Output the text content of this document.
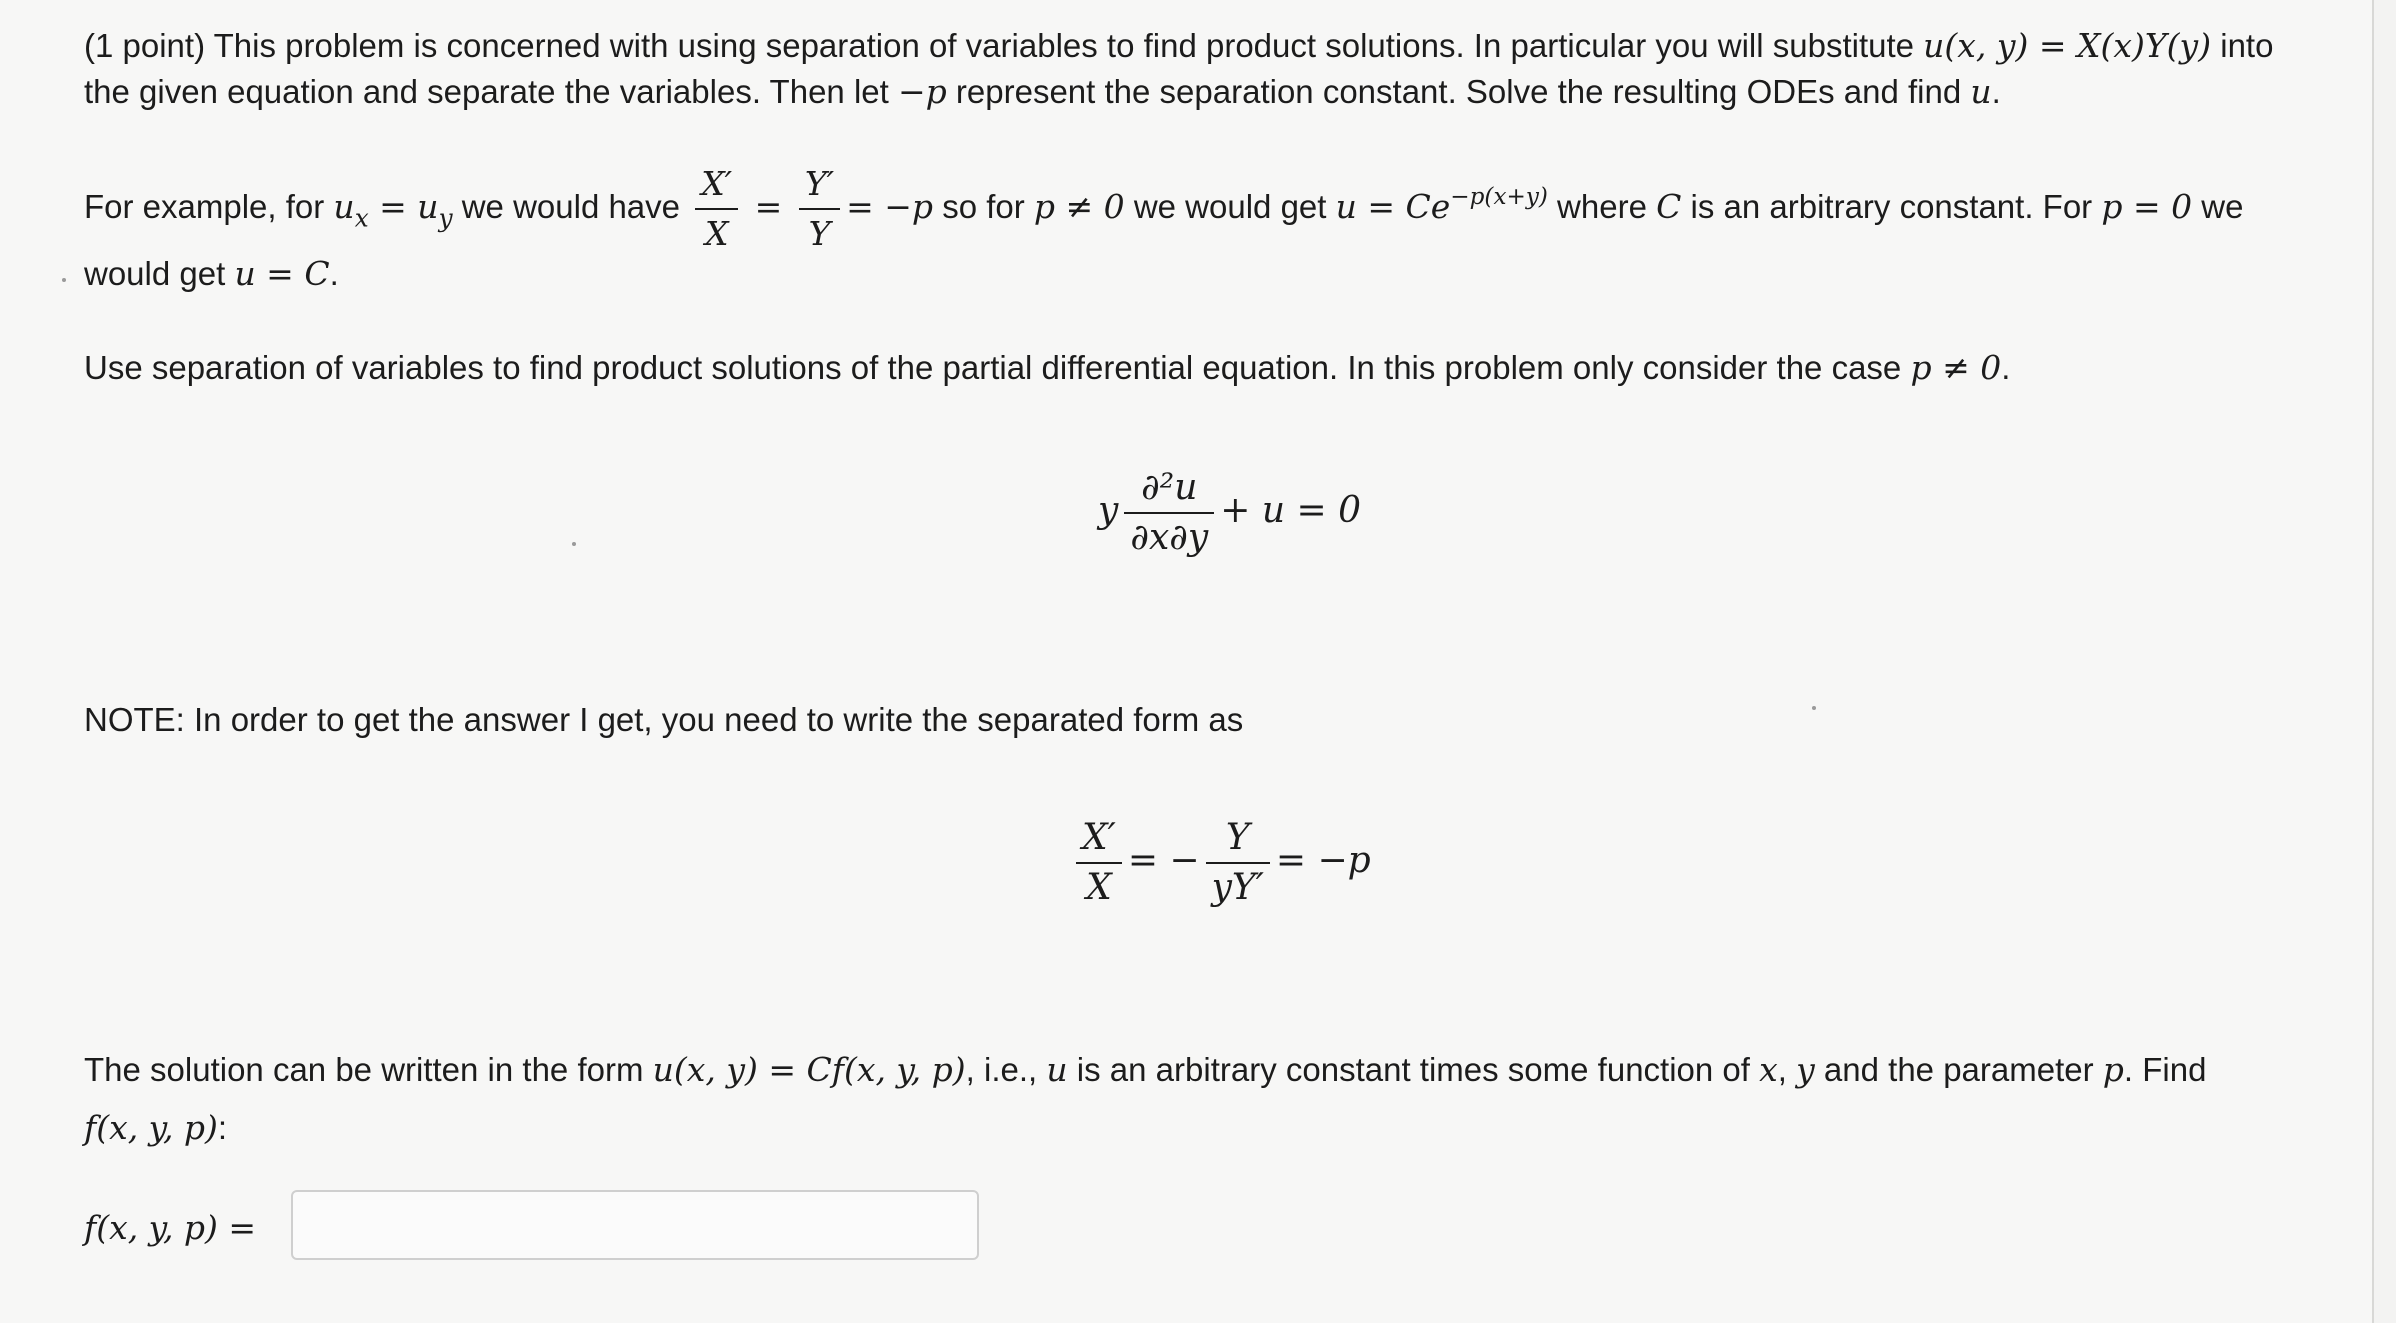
(1 point) This problem is concerned with using separation of variables to find product solutions. In particular you will substitute u(x, y) = X(x)Y(y) into
the given equation and separate the variables. Then let −p represent the separation constant. Solve the resulting ODEs and find u.
For example, for $u_x = u_y$ we would have $\frac{X'}{X} = \frac{Y'}{Y} = -p$ so for p ≠ 0 we would get $u = Ce^{-p(x+y)}$ where C is an arbitrary constant. For p = 0 we
would get u = C.
Use separation of variables to find product solutions of the partial differential equation. In this problem only consider the case p ≠ 0.
y $\frac{\text{∂²u}}{\partial x\partial y} + u = 0$
NOTE: In order to get the answer I get, you need to write the separated form as
$\frac{X'}{X}$ = − $\frac{Y}{yY'} = -p$
The solution can be written in the form u(x, y) = Cf(x, y, p), i.e., u is an arbitrary constant times some function of x, y and the parameter p. Find
f(x, y, p):
f(x, y, p) =
